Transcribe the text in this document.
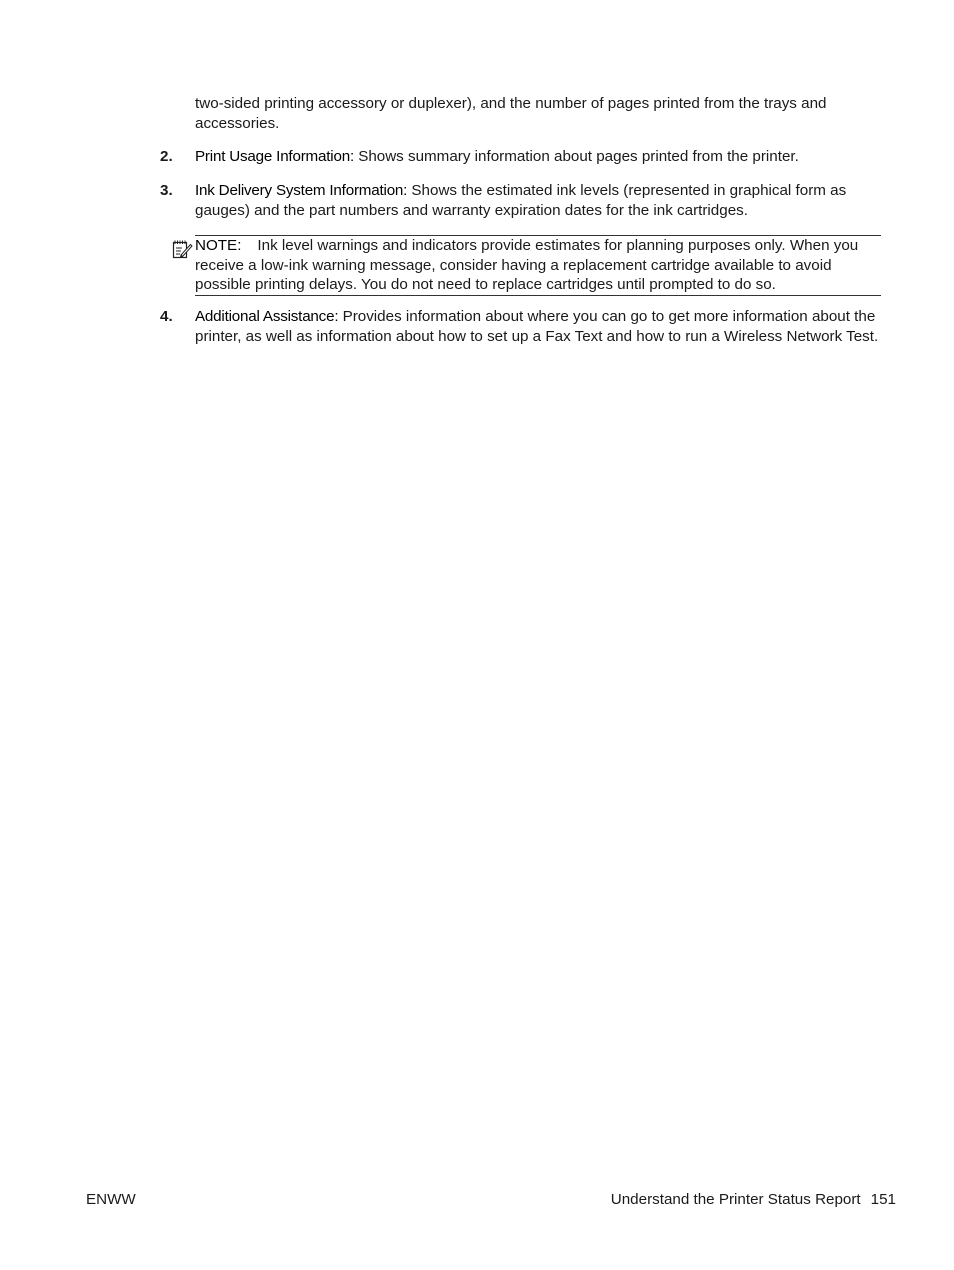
two-sided printing accessory or duplexer), and the number of pages printed from the trays and accessories.

2.	Print Usage Information: Shows summary information about pages printed from the printer.
3.	Ink Delivery System Information: Shows the estimated ink levels (represented in graphical form as gauges) and the part numbers and warranty expiration dates for the ink cartridges.
NOTE: Ink level warnings and indicators provide estimates for planning purposes only. When you receive a low-ink warning message, consider having a replacement cartridge available to avoid possible printing delays. You do not need to replace cartridges until prompted to do so.
4.	Additional Assistance: Provides information about where you can go to get more information about the printer, as well as information about how to set up a Fax Text and how to run a Wireless Network Test.
ENWW	Understand the Printer Status Report 151
